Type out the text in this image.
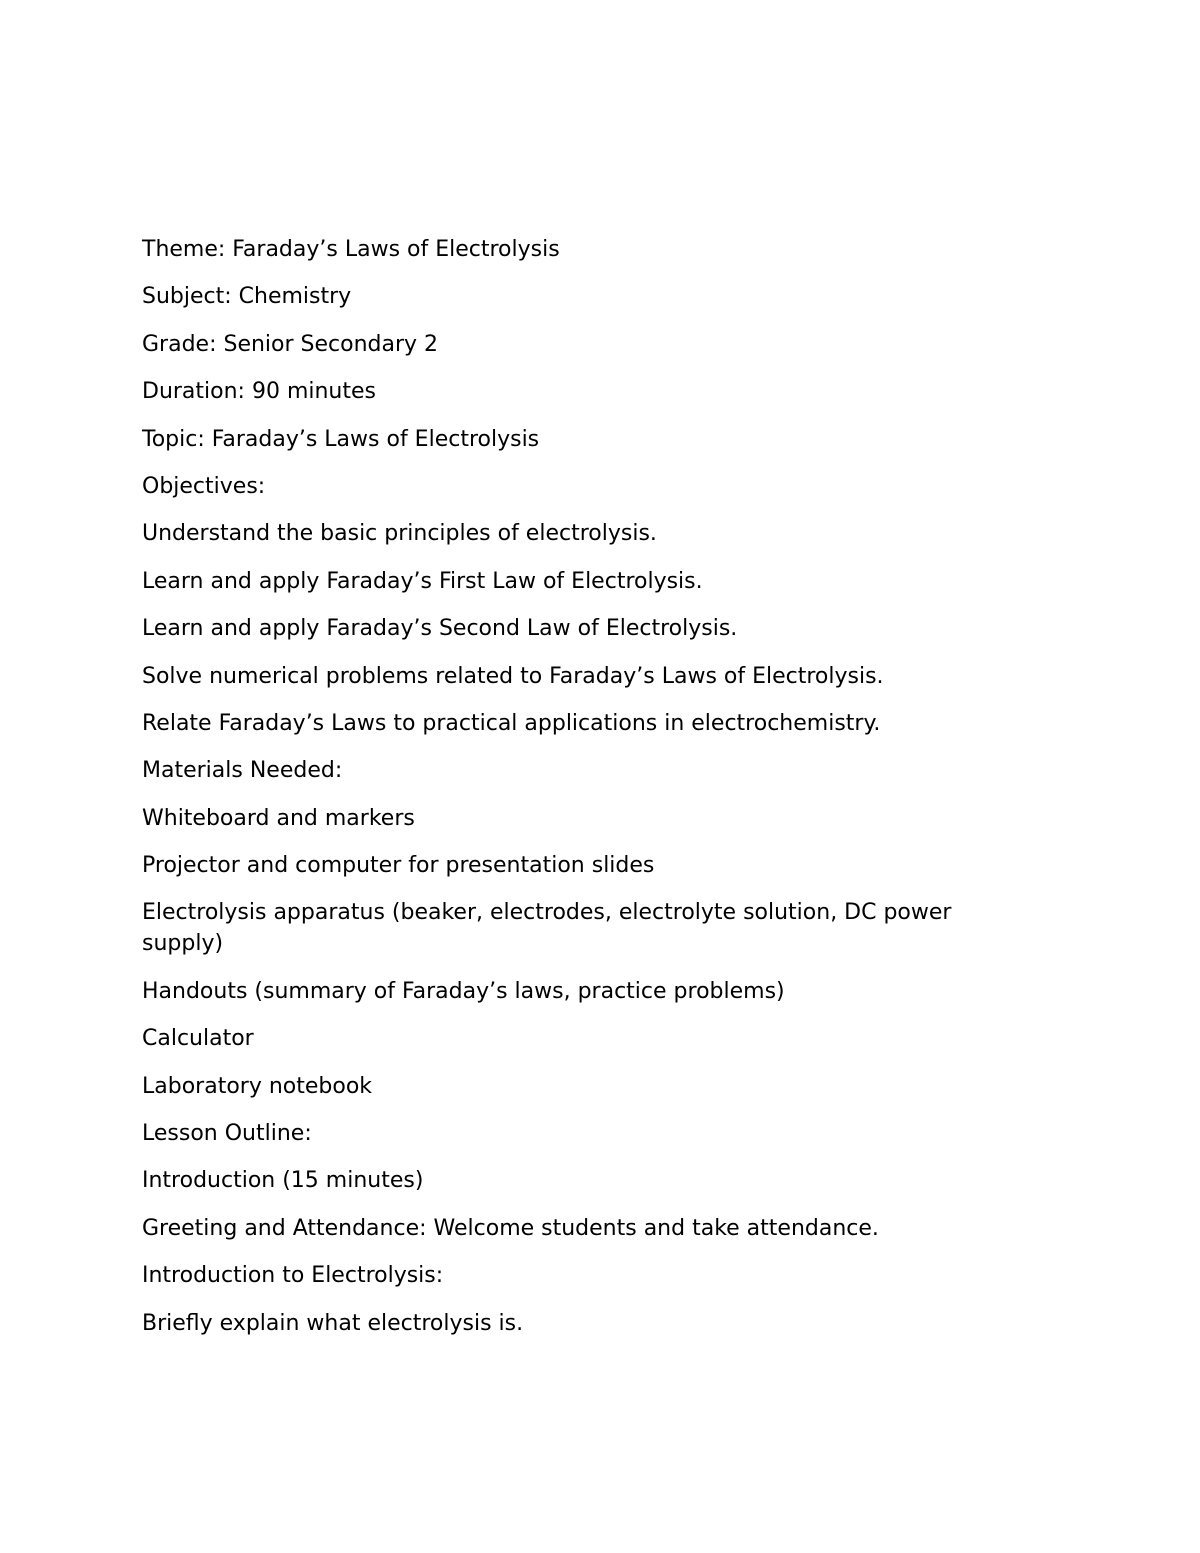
Theme: Faraday’s Laws of Electrolysis

Subject: Chemistry

Grade: Senior Secondary 2

Duration: 90 minutes

Topic: Faraday’s Laws of Electrolysis

Objectives:

Understand the basic principles of electrolysis.

Learn and apply Faraday’s First Law of Electrolysis.

Learn and apply Faraday’s Second Law of Electrolysis.

Solve numerical problems related to Faraday’s Laws of Electrolysis.

Relate Faraday’s Laws to practical applications in electrochemistry.

Materials Needed:

Whiteboard and markers

Projector and computer for presentation slides

Electrolysis apparatus (beaker, electrodes, electrolyte solution, DC power supply)

Handouts (summary of Faraday’s laws, practice problems)

Calculator

Laboratory notebook

Lesson Outline:

Introduction (15 minutes)

Greeting and Attendance: Welcome students and take attendance.

Introduction to Electrolysis:

Briefly explain what electrolysis is.
